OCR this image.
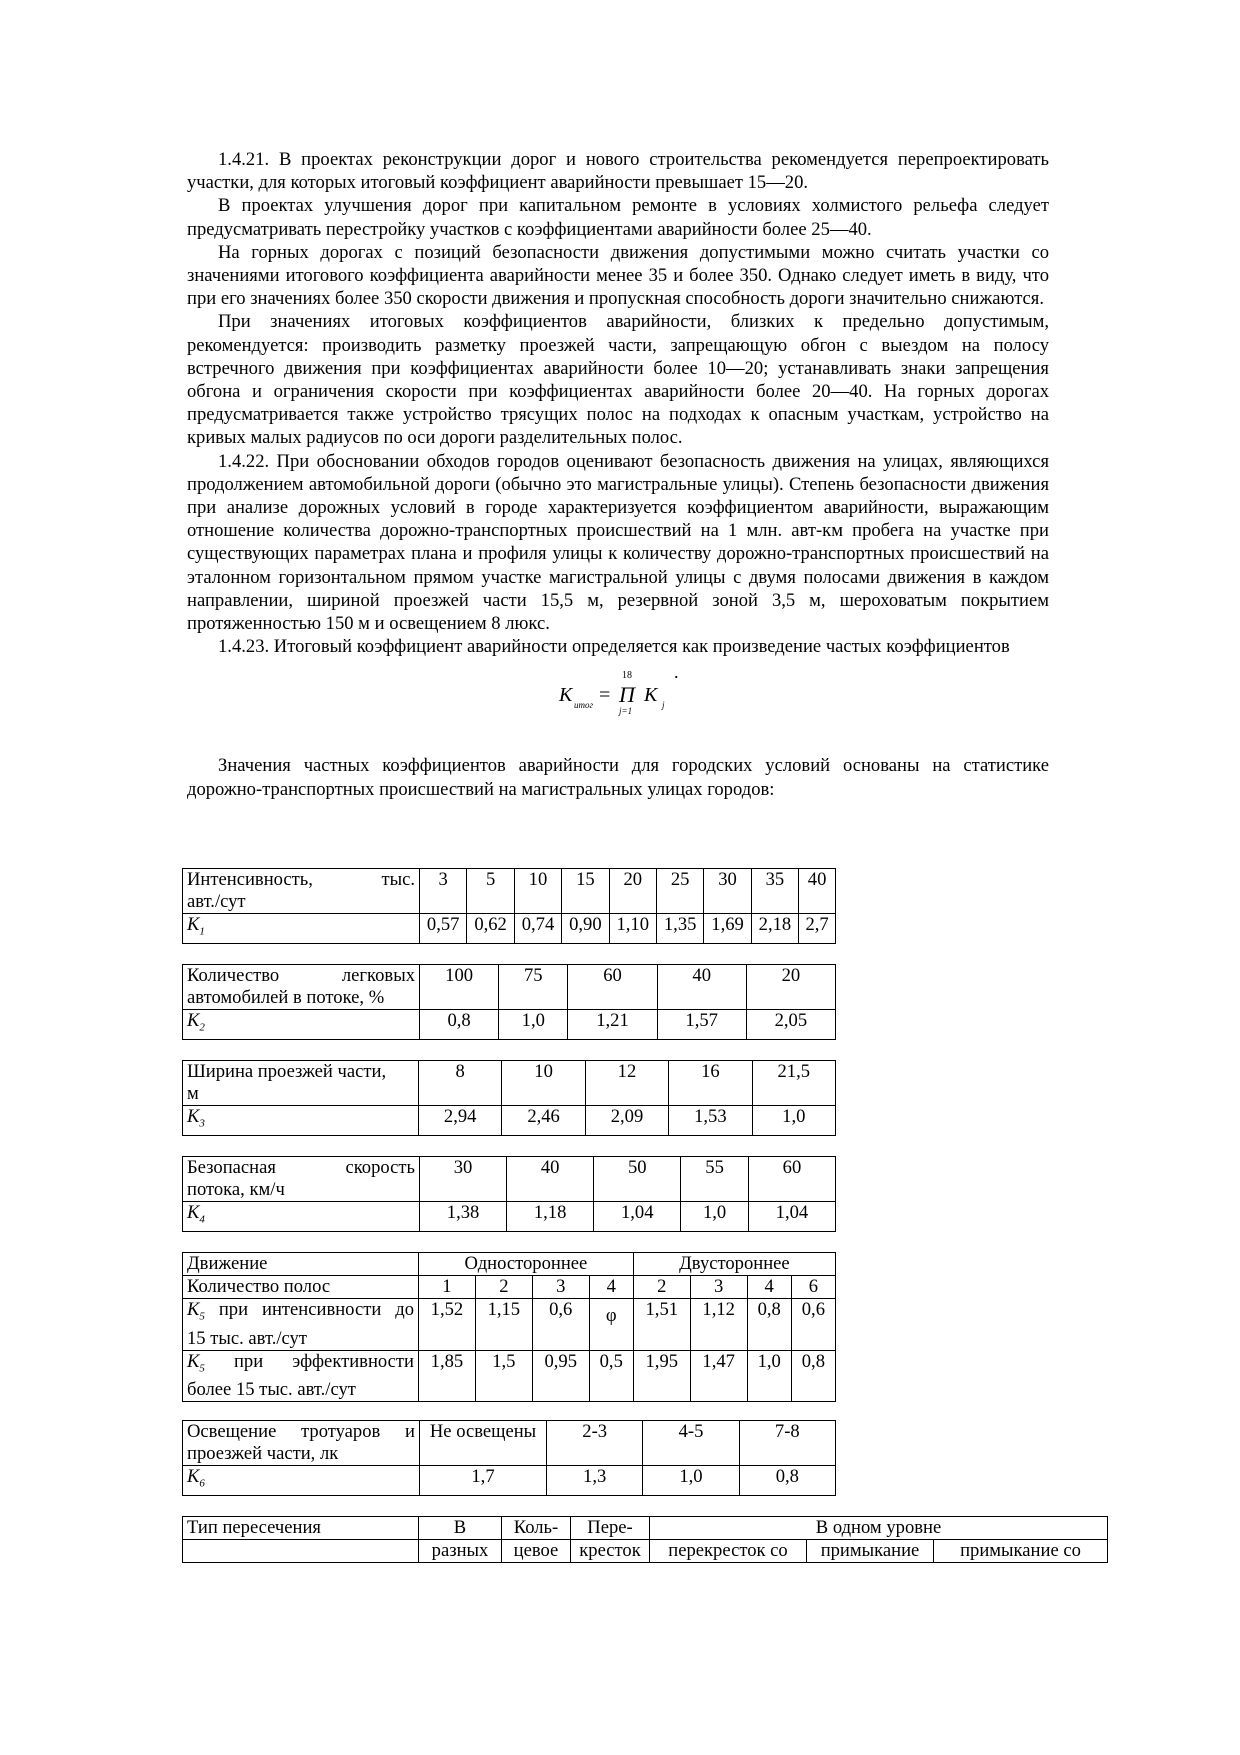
1.4.21. В проектах реконструкции дорог и нового строительства рекомендуется перепроектировать участки, для которых итоговый коэффициент аварийности превышает 15—20.

В проектах улучшения дорог при капитальном ремонте в условиях холмистого рельефа следует предусматривать перестройку участков с коэффициентами аварийности более 25—40.

На горных дорогах с позиций безопасности движения допустимыми можно считать участки со значениями итогового коэффициента аварийности менее 35 и более 350. Однако следует иметь в виду, что при его значениях более 350 скорости движения и пропускная способность дороги значительно снижаются.

При значениях итоговых коэффициентов аварийности, близких к предельно допустимым, рекомендуется: производить разметку проезжей части, запрещающую обгон с выездом на полосу встречного движения при коэффициентах аварийности более 10—20; устанавливать знаки запрещения обгона и ограничения скорости при коэффициентах аварийности более 20—40. На горных дорогах предусматривается также устройство трясущих полос на подходах к опасным участкам, устройство на кривых малых радиусов по оси дороги разделительных полос.

1.4.22. При обосновании обходов городов оценивают безопасность движения на улицах, являющихся продолжением автомобильной дороги (обычно это магистральные улицы). Степень безопасности движения при анализе дорожных условий в городе характеризуется коэффициентом аварийности, выражающим отношение количества дорожно-транспортных происшествий на 1 млн. авт-км пробега на участке при существующих параметрах плана и профиля улицы к количеству дорожно-транспортных происшествий на эталонном горизонтальном прямом участке магистральной улицы с двумя полосами движения в каждом направлении, шириной проезжей части 15,5 м, резервной зоной 3,5 м, шероховатым покрытием протяженностью 150 м и освещением 8 люкс.

1.4.23. Итоговый коэффициент аварийности определяется как произведение частых коэффициентов

.
K итог =
18
П
j=1
K j

Значения частных коэффициентов аварийности для городских условий основаны на статистике дорожно-транспортных происшествий на магистральных улицах городов:

Интенсивность, тыс.
авт./сут	3	5	10	15	20	25	30	35	40
$K_1$	0,57	0,62	0,74	0,90	1,10	1,35	1,69	2,18	2,7
Количество легковых
автомобилей в потоке, %	100	75	60	40	20
$K_2$	0,8	1,0	1,21	1,57	2,05
Ширина проезжей части,
м	8	10	12	16	21,5
$K_3$	2,94	2,46	2,09	1,53	1,0
Безопасная скорость
потока, км/ч	30	40	50	55	60
$K_4$	1,38	1,18	1,04	1,0	1,04
Движение	Одностороннее				Двустороннее			
Количество полос	1	2	3	4	2	3	4	6

$K_5$ при интенсивности до
15 тыс. авт./сут	1,52	1,15	0,6	φ	1,51	1,12	0,8	0,6

$K_5$ при эффективности
более 15 тыс. авт./сут	1,85	1,5	0,95	0,5	1,95	1,47	1,0	0,8
Освещение тротуаров и
проезжей части, лк	Не освещены	2-3	4-5	7-8
$K_6$	1,7	1,3	1,0	0,8
Тип пересечения	В	Коль-	Пере-	В одном уровне		
	разных	цевое	кресток	перекресток со	примыкание	примыкание со
